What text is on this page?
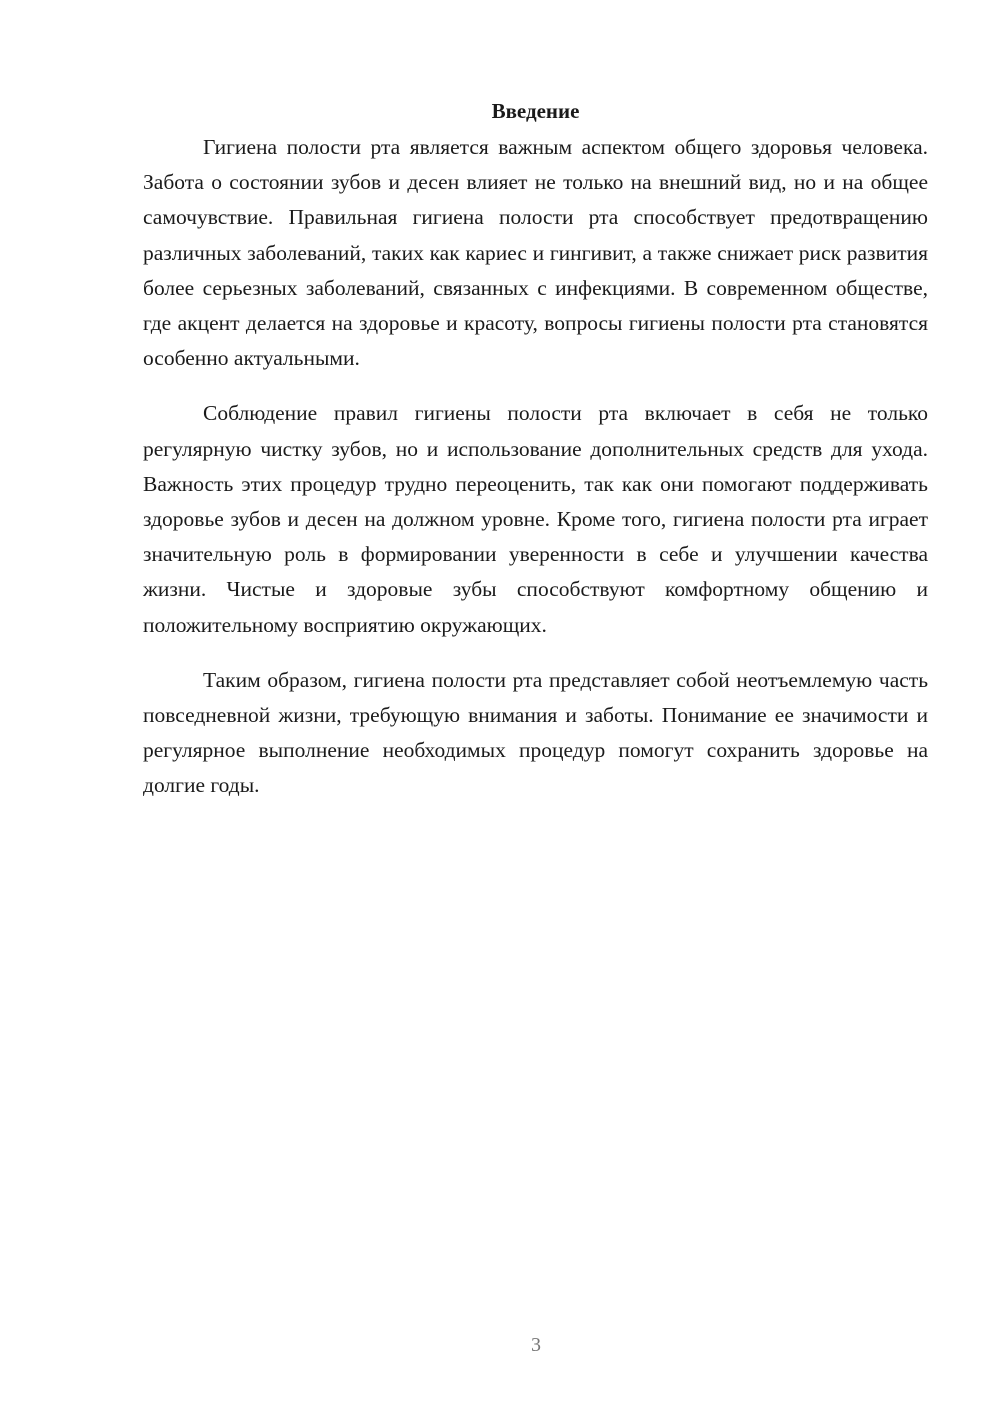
Введение

Гигиена полости рта является важным аспектом общего здоровья человека. Забота о состоянии зубов и десен влияет не только на внешний вид, но и на общее самочувствие. Правильная гигиена полости рта способствует предотвращению различных заболеваний, таких как кариес и гингивит, а также снижает риск развития более серьезных заболеваний, связанных с инфекциями. В современном обществе, где акцент делается на здоровье и красоту, вопросы гигиены полости рта становятся особенно актуальными.

Соблюдение правил гигиены полости рта включает в себя не только регулярную чистку зубов, но и использование дополнительных средств для ухода. Важность этих процедур трудно переоценить, так как они помогают поддерживать здоровье зубов и десен на должном уровне. Кроме того, гигиена полости рта играет значительную роль в формировании уверенности в себе и улучшении качества жизни. Чистые и здоровые зубы способствуют комфортному общению и положительному восприятию окружающих.

Таким образом, гигиена полости рта представляет собой неотъемлемую часть повседневной жизни, требующую внимания и заботы. Понимание ее значимости и регулярное выполнение необходимых процедур помогут сохранить здоровье на долгие годы.

3
